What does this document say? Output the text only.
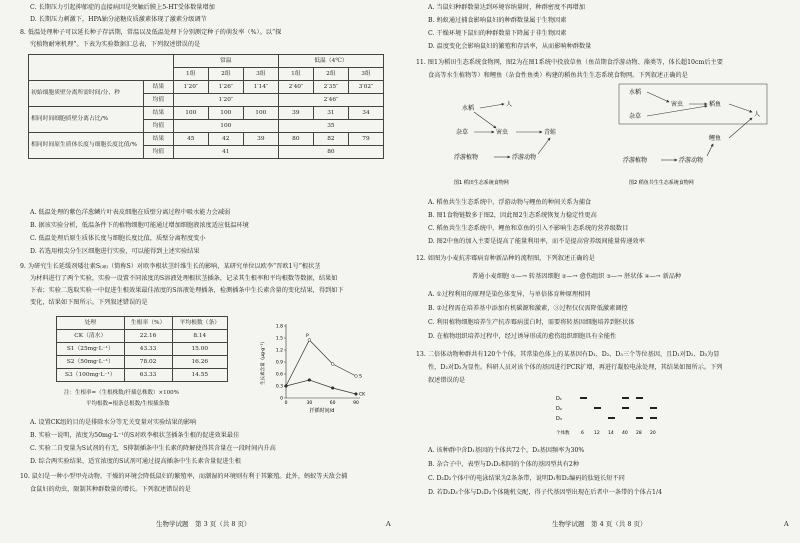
C. 长期压力引起抑郁症的直接病因是突触后膜上5-HT受体数量增加
D. 长期压力刺激下，HPA轴分泌糖皮质激素体现了激素分级调节
8. 低温处理种子可以延长种子存活期，常温以及低温处理下分别测定种子的萌发率（%）。以“探
究植物耐寒机理”。下表为实验数据汇总表，下列叙述错误的是
		常温			低温（4℃）		
		1组	2组	3组	1组	2组	3组
初始细胞质壁分离所需时间/分、秒	结果	1′20″	1′26″	1′14″	2′40″	2′35″	3′02″
	均值	1′20″			2′46″		
相同时间细胞质壁分离占比/%	结果	100	100	100	39	31	34
	均值	100			35		
相同时间原生质体长度与细胞长度比值/%	结果	45	42	39	80	82	79
	均值	41			80		
A. 低温处理的紫色洋葱鳞片叶表皮细胞在质壁分离过程中吸水能力会减弱
B. 据该实验分析，低温条件下的植物细胞可能通过增加细胞液浓度适应低温环境
C. 低温处理后原生质体长度与细胞长度比值，质壁分离程度变小
D. 若选用根尖分生区细胞进行实验，可以能得到上述实验结果
9. 为研究生长延缓剂矮壮素S₍₃ᵦ₎（简称S）对欧李根状茎纤维生长的影响，某研究单位以欧李“晋欧1号”根状茎
为材料进行了两个实验，实验一设置不同浓度的S溶液处理根状茎插条，记录其生根率和平均根数等数据，结果如
下表；实验二选取实验一中促进生根效果最佳浓度的S溶液处理插条，检测插条中生长素含量的变化结果，得到如下
变化，结果如下图所示。下列叙述错误的是
处理	生根率（%）	平均根数（条）
CK（清水）	22.16	8.14
S1（25mg·L⁻¹）	43.33	15.00
S2（50mg·L⁻¹）	78.02	16.26
S3（100mg·L⁻¹）	63.33	14.55
注：生根率=（生根株数/扦插总株数）×100%
平均根数=根条总根数/生根插条数
生长素含量（μg·g⁻¹）
扦插时间/d
0
0.3
0.6
0.9
1.2
1.5
1.8
0	30	60	90
S
CK
P
A. 设置CK组的目的是排除水分等无关变量对实验结果的影响
B. 实验一说明，浓度为50mg·L⁻¹的S对欧李根状茎插条生根的促进效果最佳
C. 实验二自变量为S试剂的有无，S抑制插条中生长素的降解使得其含量在一段时间内升高
D. 综合两实验结果，适宜浓度的S试剂可通过提高插条中生长素含量促进生根
10. 鼠妇是一种小型甲壳动物。干燥的环境会降低鼠妇的繁殖率，而潮湿的环境则有利于其繁殖。此外，蚂蚁等天敌会捕
食鼠妇的幼虫，限制其种群数量的增长。下列叙述错误的是
生物学试题　第 3 页（共 8 页）	A
A. 当鼠妇种群数量达到环境容纳量时，种群密度不再增加
B. 蚂蚁通过捕食影响鼠妇的种群数量属于生物因素
C. 干燥环境下鼠妇的种群数量下降属于非生物因素
D. 温度变化会影响鼠妇的繁殖和存活率，从而影响种群数量
11. 图1为稻田生态系统食物网，图2为在图1系统中投放草鱼（鱼苗期食浮游动物、藻类等，体长超10cm后主要
食高等水生植物等）和鲤鱼（杂食性鱼类）构建的稻鱼共生生态系统食物网。下列叙述正确的是
水稻
人
杂草	害虫	青蛙
浮游植物	浮游动物
图1 稻田生态系统食物网
水稻
杂草
害虫	稻鱼
鲤鱼
人
浮游植物	浮游动物
图2 稻鱼共生生态系统食物网
A. 稻鱼共生生态系统中，浮游动物与鲤鱼的种间关系为捕食
B. 图1食物链数多于图2，因此图2生态系统恢复力稳定性更高
C. 稻鱼共生生态系统中，鲤鱼和草鱼的引入不影响生态系统的营养级数目
D. 图2中鱼的加入主要是提高了能量利用率，而不是提高营养级间能量传递效率
12. 如图为小麦抗赤霉病育种新品种的流程图，下列叙述正确的是
普通小麦细胞 ①—→ 转基因细胞 ②—→ 愈伤组织 ③—→ 胚状体 ④—→ 新品种
A. ①过程利用的原理是染色体变异，与单倍体育种原理相同
B. ②过程需在培养基中添加有机碳源和激素，③过程仅仅需降低激素调控
C. 利用植物细胞培养生产抗赤霉病蛋白时，需要将转基因细胞培养到胚状体
D. 在植物组织培养过程中，经过诱导形成的愈伤组织细胞具有全能性
13. 二倍体动物种群共有120个个体，其常染色体上的某基因有D₁、D₂、D₃三个等位基因，且D₁对D₂、D₃为显
性，D₂对D₃为显性。科研人员对该个体的基因进行PCR扩增，再进行凝胶电泳处理，其结果如图所示。下列
叙述错误的是
D₁
D₂
D₃
个体数	6 12 14 40 28 20
A. 该种群中含D₁基因的个体共72个，D₃基因频率为30%
B. 杂合子中，表型与D₁D₂相同的个体的基因型共有2种
C. D₂D₂个体中的电泳结果为2条条带，说明D₁和D₂编码的肽链长短不同
D. 若D₂D₃个体与D₂D₃个体随机交配，得子代基因型出现在后者中一条带的个体占1/4
生物学试题　第 4 页（共 8 页）	A
